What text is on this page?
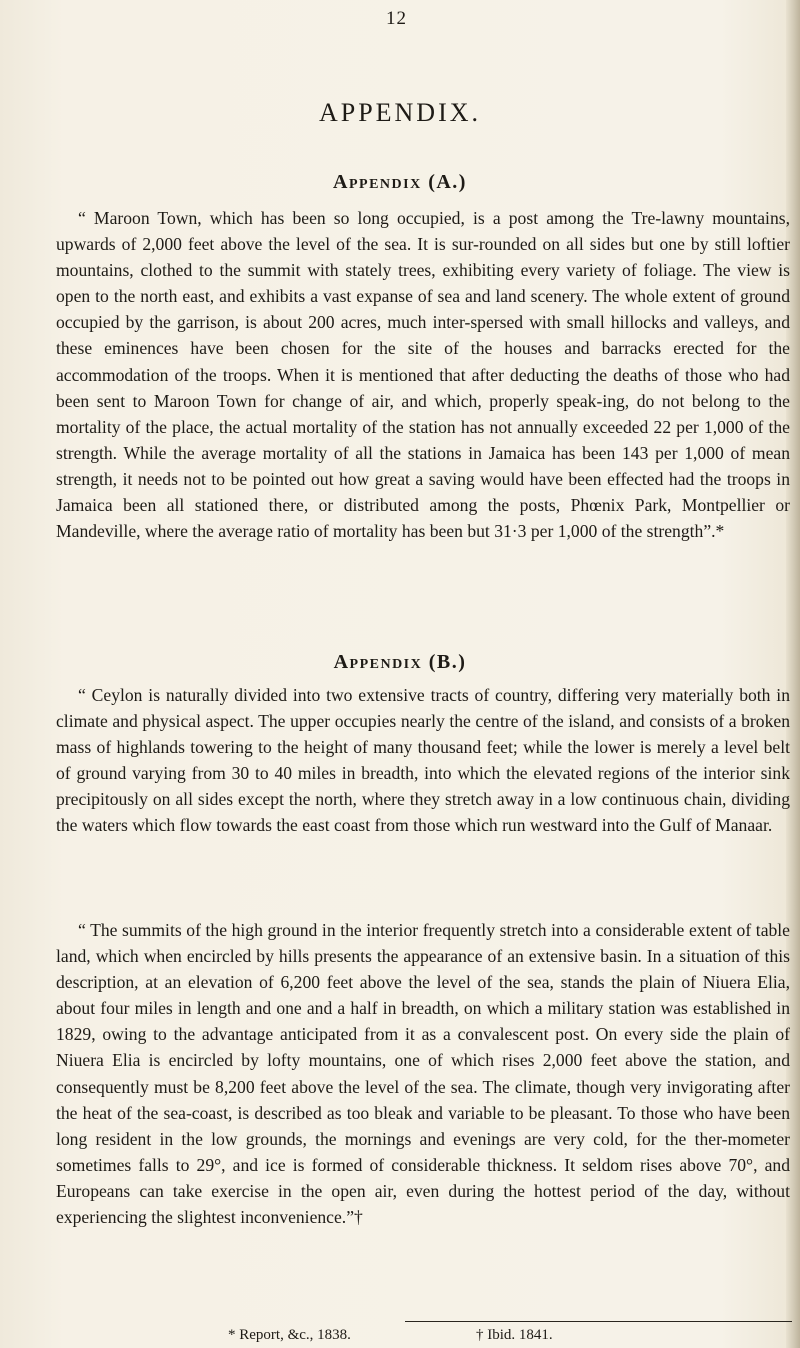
12
APPENDIX.
Appendix (A.)

“ Maroon Town, which has been so long occupied, is a post among the Tre-lawny mountains, upwards of 2,000 feet above the level of the sea. It is sur-rounded on all sides but one by still loftier mountains, clothed to the summit with stately trees, exhibiting every variety of foliage. The view is open to the north east, and exhibits a vast expanse of sea and land scenery. The whole extent of ground occupied by the garrison, is about 200 acres, much inter-spersed with small hillocks and valleys, and these eminences have been chosen for the site of the houses and barracks erected for the accommodation of the troops. When it is mentioned that after deducting the deaths of those who had been sent to Maroon Town for change of air, and which, properly speak-ing, do not belong to the mortality of the place, the actual mortality of the station has not annually exceeded 22 per 1,000 of the strength. While the average mortality of all the stations in Jamaica has been 143 per 1,000 of mean strength, it needs not to be pointed out how great a saving would have been effected had the troops in Jamaica been all stationed there, or distributed among the posts, Phœnix Park, Montpellier or Mandeville, where the average ratio of mortality has been but 31·3 per 1,000 of the strength”.*

Appendix (B.)

“ Ceylon is naturally divided into two extensive tracts of country, differing very materially both in climate and physical aspect. The upper occupies nearly the centre of the island, and consists of a broken mass of highlands towering to the height of many thousand feet; while the lower is merely a level belt of ground varying from 30 to 40 miles in breadth, into which the elevated regions of the interior sink precipitously on all sides except the north, where they stretch away in a low continuous chain, dividing the waters which flow towards the east coast from those which run westward into the Gulf of Manaar.

“ The summits of the high ground in the interior frequently stretch into a considerable extent of table land, which when encircled by hills presents the appearance of an extensive basin. In a situation of this description, at an elevation of 6,200 feet above the level of the sea, stands the plain of Niuera Elia, about four miles in length and one and a half in breadth, on which a military station was established in 1829, owing to the advantage anticipated from it as a convalescent post. On every side the plain of Niuera Elia is encircled by lofty mountains, one of which rises 2,000 feet above the station, and consequently must be 8,200 feet above the level of the sea. The climate, though very invigorating after the heat of the sea-coast, is described as too bleak and variable to be pleasant. To those who have been long resident in the low grounds, the mornings and evenings are very cold, for the ther-mometer sometimes falls to 29°, and ice is formed of considerable thickness. It seldom rises above 70°, and Europeans can take exercise in the open air, even during the hottest period of the day, without experiencing the slightest inconvenience.”†

* Report, &c., 1838.	† Ibid. 1841.
